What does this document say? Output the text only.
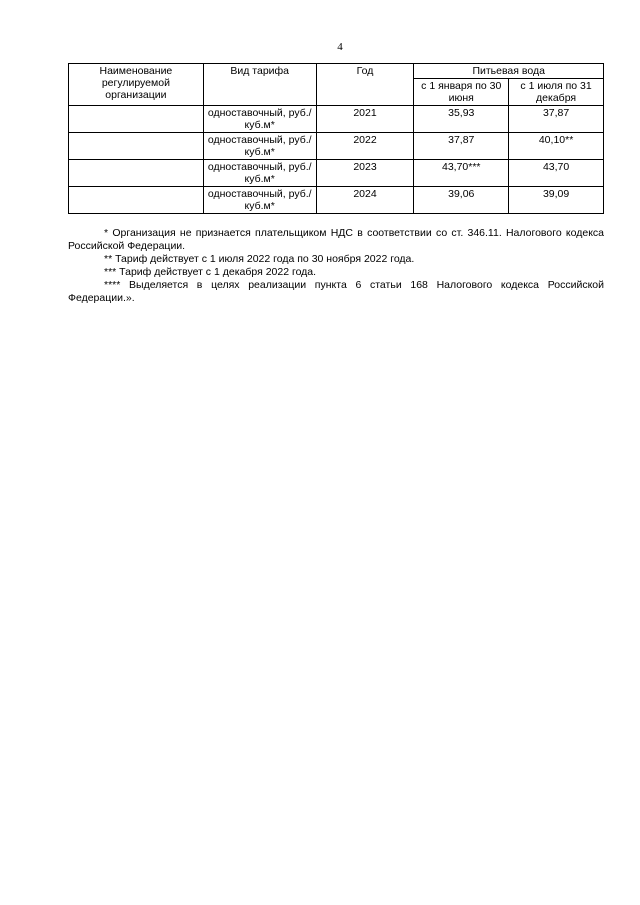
4
Наименование регулируемой организации	Вид тарифа	Год	Питьевая вода	
			с 1 января по 30 июня	с 1 июля по 31 декабря
	одноставочный, руб./куб.м*	2021	35,93	37,87
	одноставочный, руб./куб.м*	2022	37,87	40,10**
	одноставочный, руб./куб.м*	2023	43,70***	43,70
	одноставочный, руб./куб.м*	2024	39,06	39,09

* Организация не признается плательщиком НДС в соответствии со ст. 346.11. Налогового кодекса Российской Федерации.

** Тариф действует с 1 июля 2022 года по 30 ноября 2022 года.

*** Тариф действует с 1 декабря 2022 года.

**** Выделяется в целях реализации пункта 6 статьи 168 Налогового кодекса Российской Федерации.».
